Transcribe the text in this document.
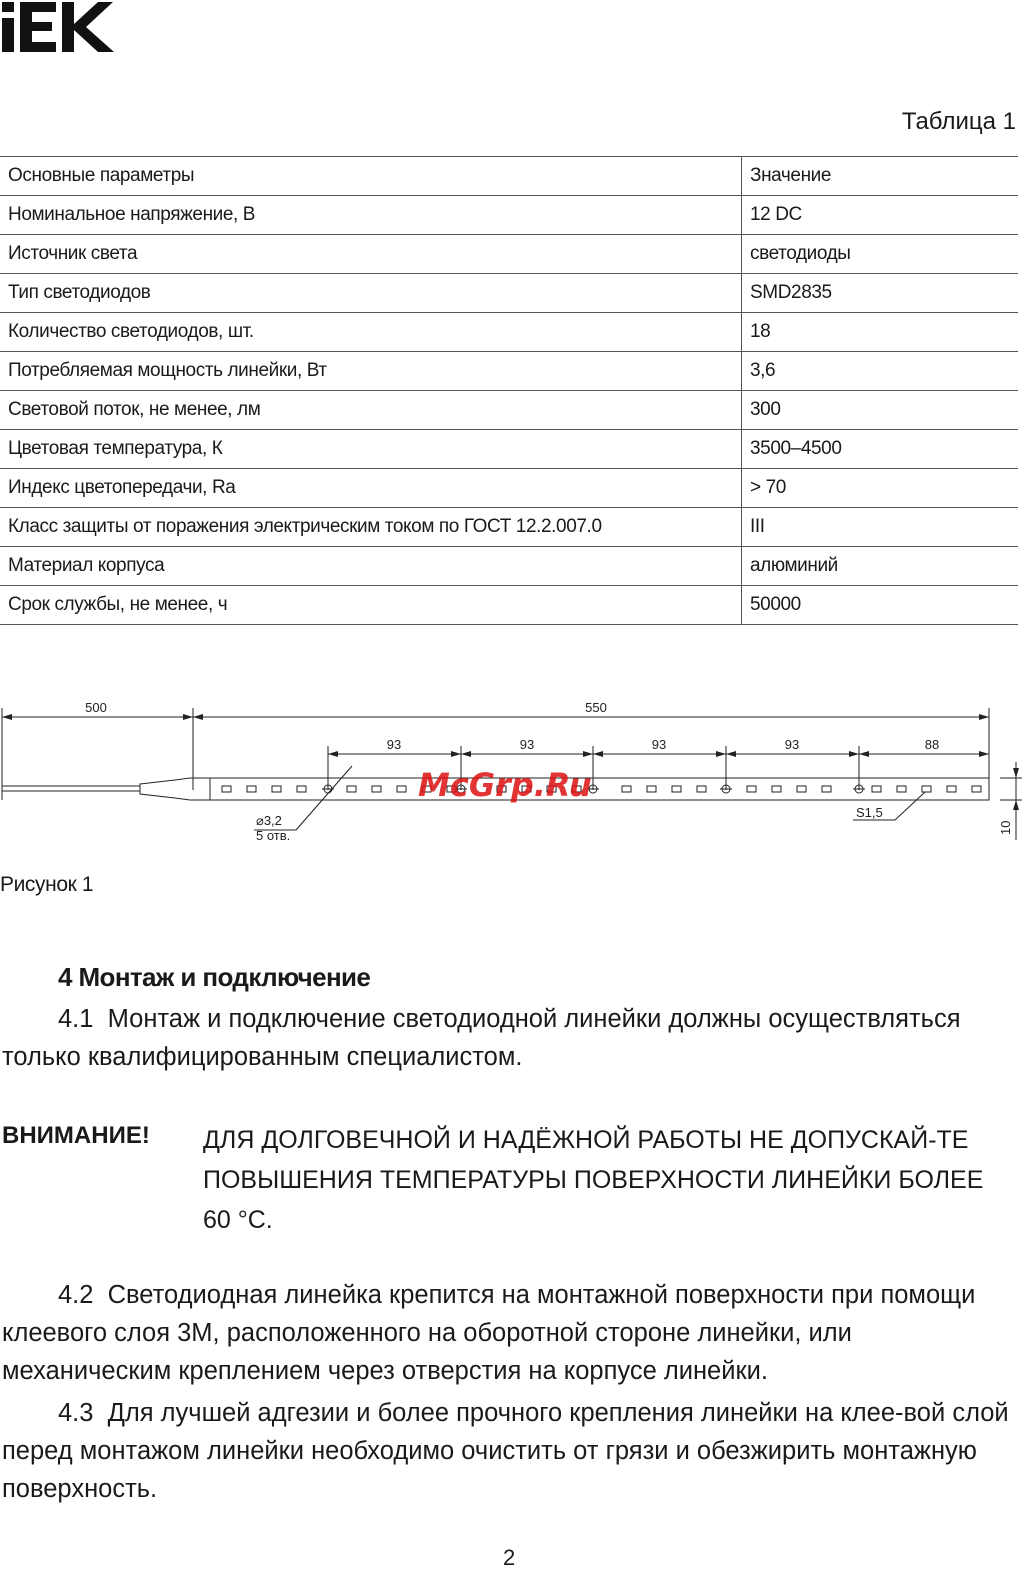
Таблица 1
Основные параметры	Значение
Номинальное напряжение, В	12 DC
Источник света	светодиоды
Тип светодиодов	SMD2835
Количество светодиодов, шт.	18
Потребляемая мощность линейки, Вт	3,6
Световой поток, не менее, лм	300
Цветовая температура, К	3500–4500
Индекс цветопередачи, Ra	> 70
Класс защиты от поражения электрическим током по ГОСТ 12.2.007.0	III
Материал корпуса	алюминий
Срок службы, не менее, ч	50000
500	550
93	93	93	93	88
⌀3,2
5 отв.
S1,5
10
McGrp.Ru
Рисунок 1
4 Монтаж и подключение
4.1 Монтаж и подключение светодиодной линейки должны осуществляться только квалифицированным специалистом.
ВНИМАНИЕ! ДЛЯ ДОЛГОВЕЧНОЙ И НАДЁЖНОЙ РАБОТЫ НЕ ДОПУСКАЙ-ТЕ ПОВЫШЕНИЯ ТЕМПЕРАТУРЫ ПОВЕРХНОСТИ ЛИНЕЙКИ БОЛЕЕ 60 °С.
4.2 Светодиодная линейка крепится на монтажной поверхности при помощи клеевого слоя 3М, расположенного на оборотной стороне линейки, или механическим креплением через отверстия на корпусе линейки.
4.3 Для лучшей адгезии и более прочного крепления линейки на клее-вой слой перед монтажом линейки необходимо очистить от грязи и обезжирить монтажную поверхность.
2
